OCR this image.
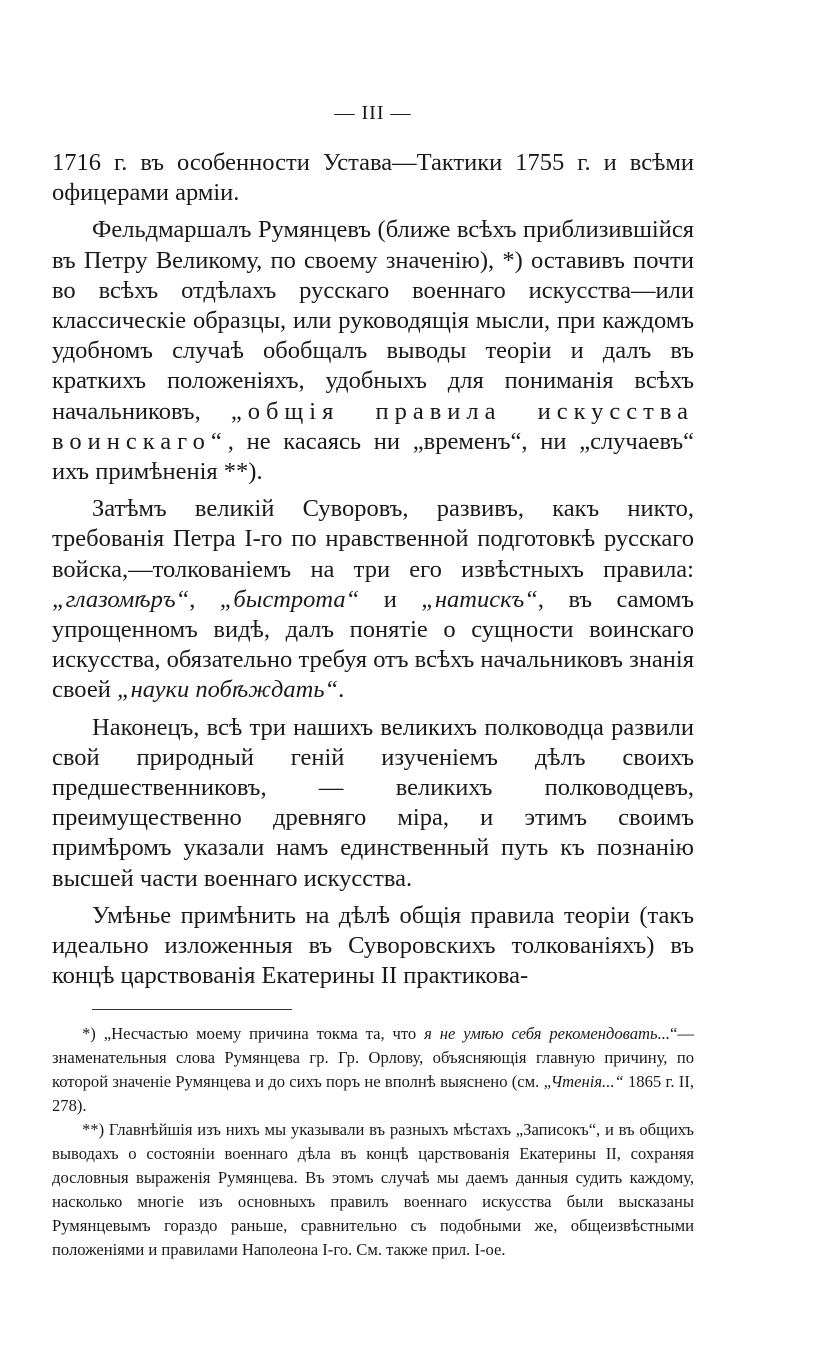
— III —

1716 г. въ особенности Устава—Тактики 1755 г. и всѣми офицерами арміи.

Фельдмаршалъ Румянцевъ (ближе всѣхъ приблизившійся въ Петру Великому, по своему значенію), *) оставивъ почти во всѣхъ отдѣлахъ русскаго военнаго искусства—или классическіе образцы, или руководящія мысли, при каждомъ удобномъ случаѣ обобщалъ выводы теоріи и далъ въ краткихъ положеніяхъ, удобныхъ для пониманія всѣхъ начальниковъ, „общія правила искусства воинскаго“, не касаясь ни „временъ“, ни „случаевъ“ ихъ примѣненія **).

Затѣмъ великій Суворовъ, развивъ, какъ никто, требованія Петра I-го по нравственной подготовкѣ русскаго войска,—толкованіемъ на три его извѣстныхъ правила: „глазомѣръ“, „быстрота“ и „натискъ“, въ самомъ упрощенномъ видѣ, далъ понятіе о сущности воинскаго искусства, обязательно требуя отъ всѣхъ начальниковъ знанія своей „науки побѣждать“.

Наконецъ, всѣ три нашихъ великихъ полководца развили свой природный геній изученіемъ дѣлъ своихъ предшественниковъ, — великихъ полководцевъ, преимущественно древняго міра, и этимъ своимъ примѣромъ указали намъ единственный путь къ познанію высшей части военнаго искусства.

Умѣнье примѣнить на дѣлѣ общія правила теоріи (такъ идеально изложенныя въ Суворовскихъ толкованіяхъ) въ концѣ царствованія Екатерины II практикова-

*) „Несчастью моему причина токма та, что я не умѣю себя рекомендовать...“—знаменательныя слова Румянцева гр. Гр. Орлову, объясняющія главную причину, по которой значеніе Румянцева и до сихъ поръ не вполнѣ выяснено (см. „Чтенія...“ 1865 г. II, 278).

**) Главнѣйшія изъ нихъ мы указывали въ разныхъ мѣстахъ „Записокъ“, и въ общихъ выводахъ о состояніи военнаго дѣла въ концѣ царствованія Екатерины II, сохраняя дословныя выраженія Румянцева. Въ этомъ случаѣ мы даемъ данныя судить каждому, насколько многіе изъ основныхъ правилъ военнаго искусства были высказаны Румянцевымъ гораздо раньше, сравнительно съ подобными же, общеизвѣстными положеніями и правилами Наполеона I-го. См. также прил. I-ое.
